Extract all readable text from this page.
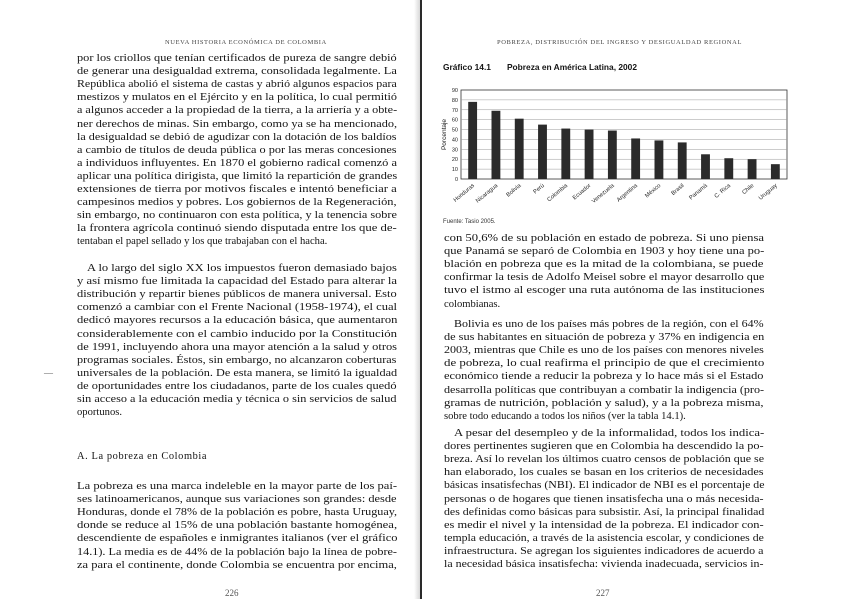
NUEVA HISTORIA ECONÓMICA DE COLOMBIA
por los criollos que tenían certificados de pureza de sangre debió
de generar una desigualdad extrema, consolidada legalmente. La
República abolió el sistema de castas y abrió algunos espacios para
mestizos y mulatos en el Ejército y en la política, lo cual permitió
a algunos acceder a la propiedad de la tierra, a la arriería y a obte-
ner derechos de minas. Sin embargo, como ya se ha mencionado,
la desigualdad se debió de agudizar con la dotación de los baldíos
a cambio de títulos de deuda pública o por las meras concesiones
a individuos influyentes. En 1870 el gobierno radical comenzó a
aplicar una política dirigista, que limitó la repartición de grandes
extensiones de tierra por motivos fiscales e intentó beneficiar a
campesinos medios y pobres. Los gobiernos de la Regeneración,
sin embargo, no continuaron con esta política, y la tenencia sobre
la frontera agrícola continuó siendo disputada entre los que de-
tentaban el papel sellado y los que trabajaban con el hacha.
A lo largo del siglo XX los impuestos fueron demasiado bajos
y así mismo fue limitada la capacidad del Estado para alterar la
distribución y repartir bienes públicos de manera universal. Esto
comenzó a cambiar con el Frente Nacional (1958-1974), el cual
dedicó mayores recursos a la educación básica, que aumentaron
considerablemente con el cambio inducido por la Constitución
de 1991, incluyendo ahora una mayor atención a la salud y otros
programas sociales. Éstos, sin embargo, no alcanzaron coberturas
universales de la población. De esta manera, se limitó la igualdad
de oportunidades entre los ciudadanos, parte de los cuales quedó
sin acceso a la educación media y técnica o sin servicios de salud
oportunos.
A. La pobreza en Colombia
La pobreza es una marca indeleble en la mayor parte de los paí-
ses latinoamericanos, aunque sus variaciones son grandes: desde
Honduras, donde el 78% de la población es pobre, hasta Uruguay,
donde se reduce al 15% de una población bastante homogénea,
descendiente de españoles e inmigrantes italianos (ver el gráfico
14.1). La media es de 44% de la población bajo la línea de pobre-
za para el continente, donde Colombia se encuentra por encima,
––
226
POBREZA, DISTRIBUCIÓN DEL INGRESO Y DESIGUALDAD REGIONAL
Gráfico 14.1 Pobreza en América Latina, 2002
0
10
20
30
40
50
60
70
80
90
Porcentaje
Honduras Nicaragua Bolivia Perú Colombia Ecuador
Venezuela Argentina México Brasil Panamá C. Rica Chile Uruguay
Fuente: Tasio 2005.
con 50,6% de su población en estado de pobreza. Si uno piensa
que Panamá se separó de Colombia en 1903 y hoy tiene una po-
blación en pobreza que es la mitad de la colombiana, se puede
confirmar la tesis de Adolfo Meisel sobre el mayor desarrollo que
tuvo el istmo al escoger una ruta autónoma de las instituciones
colombianas.
Bolivia es uno de los países más pobres de la región, con el 64%
de sus habitantes en situación de pobreza y 37% en indigencia en
2003, mientras que Chile es uno de los países con menores niveles
de pobreza, lo cual reafirma el principio de que el crecimiento
económico tiende a reducir la pobreza y lo hace más si el Estado
desarrolla políticas que contribuyan a combatir la indigencia (pro-
gramas de nutrición, población y salud), y a la pobreza misma,
sobre todo educando a todos los niños (ver la tabla 14.1).
A pesar del desempleo y de la informalidad, todos los indica-
dores pertinentes sugieren que en Colombia ha descendido la po-
breza. Así lo revelan los últimos cuatro censos de población que se
han elaborado, los cuales se basan en los criterios de necesidades
básicas insatisfechas (NBI). El indicador de NBI es el porcentaje de
personas o de hogares que tienen insatisfecha una o más necesida-
des definidas como básicas para subsistir. Así, la principal finalidad
es medir el nivel y la intensidad de la pobreza. El indicador con-
templa educación, a través de la asistencia escolar, y condiciones de
infraestructura. Se agregan los siguientes indicadores de acuerdo a
la necesidad básica insatisfecha: vivienda inadecuada, servicios in-
227
